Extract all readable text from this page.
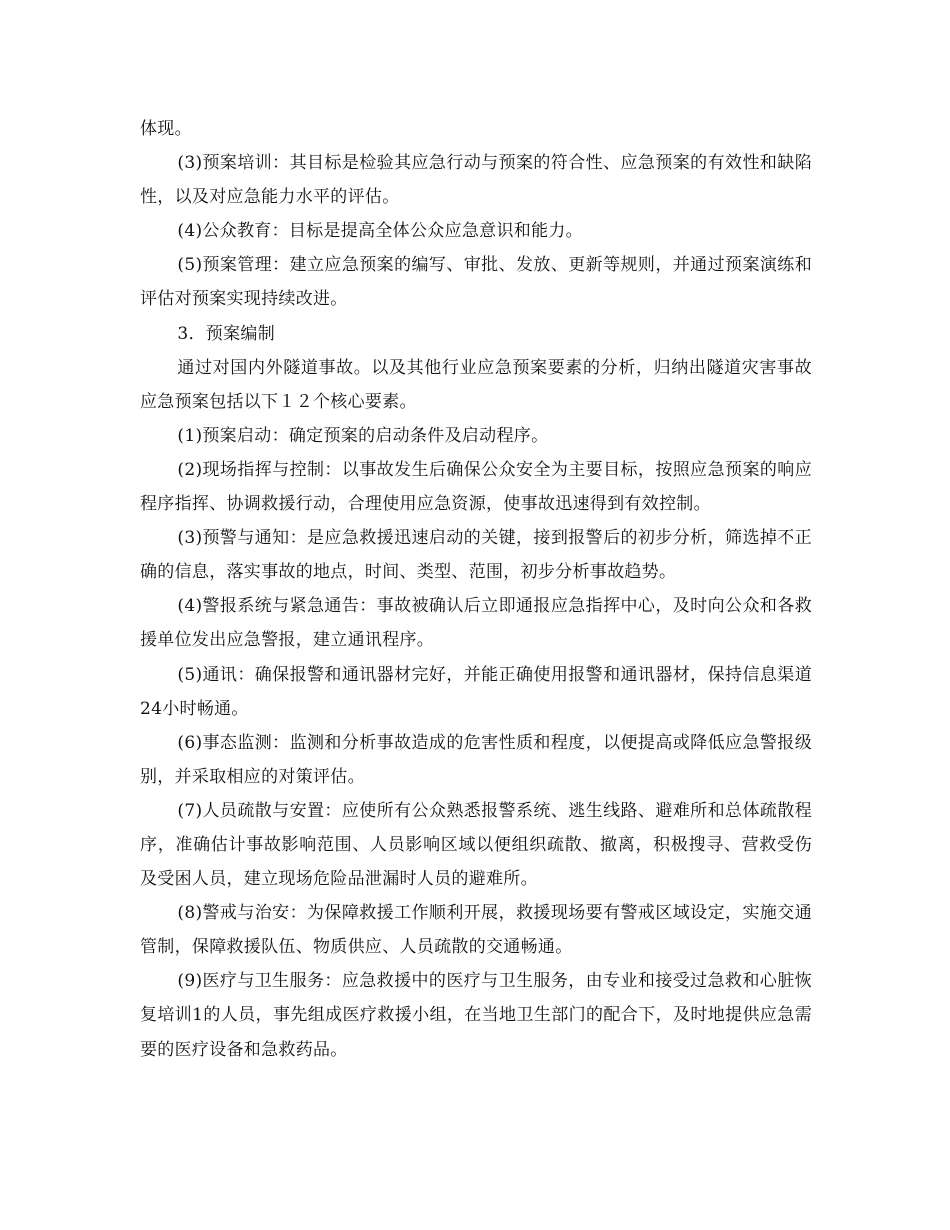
体现。

(3)预案培训：其目标是检验其应急行动与预案的符合性、应急预案的有效性和缺陷性，以及对应急能力水平的评估。

(4)公众教育：目标是提高全体公众应急意识和能力。

(5)预案管理：建立应急预案的编写、审批、发放、更新等规则，并通过预案演练和评估对预案实现持续改进。

3．预案编制

通过对国内外隧道事故。以及其他行业应急预案要素的分析，归纳出隧道灾害事故应急预案包括以下１２个核心要素。

(1)预案启动：确定预案的启动条件及启动程序。

(2)现场指挥与控制：以事故发生后确保公众安全为主要目标，按照应急预案的响应程序指挥、协调救援行动，合理使用应急资源，使事故迅速得到有效控制。

(3)预警与通知：是应急救援迅速启动的关键，接到报警后的初步分析，筛选掉不正确的信息，落实事故的地点，时间、类型、范围，初步分析事故趋势。

(4)警报系统与紧急通告：事故被确认后立即通报应急指挥中心，及时向公众和各救援单位发出应急警报，建立通讯程序。

(5)通讯：确保报警和通讯器材完好，并能正确使用报警和通讯器材，保持信息渠道24小时畅通。

(6)事态监测：监测和分析事故造成的危害性质和程度，以便提高或降低应急警报级别，并采取相应的对策评估。

(7)人员疏散与安置：应使所有公众熟悉报警系统、逃生线路、避难所和总体疏散程序，准确估计事故影响范围、人员影响区域以便组织疏散、撤离，积极搜寻、营救受伤及受困人员，建立现场危险品泄漏时人员的避难所。

(8)警戒与治安：为保障救援工作顺利开展，救援现场要有警戒区域设定，实施交通管制，保障救援队伍、物质供应、人员疏散的交通畅通。

(9)医疗与卫生服务：应急救援中的医疗与卫生服务，由专业和接受过急救和心脏恢复培训1的人员，事先组成医疗救援小组，在当地卫生部门的配合下，及时地提供应急需要的医疗设备和急救药品。
